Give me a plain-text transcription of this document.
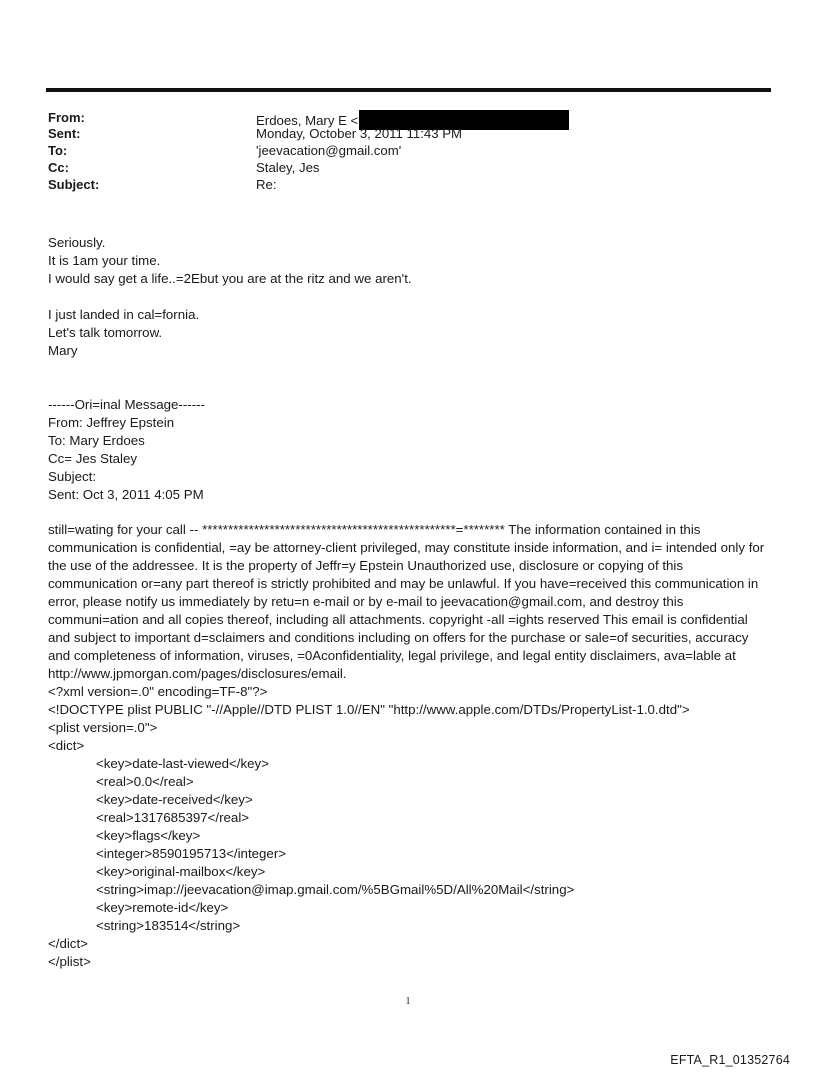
From:
Sent:
To:
Cc:
Subject:
Erdoes, Mary E <
Monday, October 3, 2011 11:43 PM
'jeevacation@gmail.com'
Staley, Jes
Re:

Seriously.

It is 1am your time.

I would say get a life..=2Ebut you are at the ritz and we aren't.

I just landed in cal=fornia.

Let's talk tomorrow.

Mary

------Ori=inal Message------

From: Jeffrey Epstein

To: Mary Erdoes

Cc= Jes Staley

Subject:

Sent: Oct 3, 2011 4:05 PM

still=wating for your call -- *************************************************=******** The information contained in this communication is confidential, =ay be attorney-client privileged, may constitute inside information, and i= intended only for the use of the addressee. It is the property of Jeffr=y Epstein Unauthorized use, disclosure or copying of this communication or=any part thereof is strictly prohibited and may be unlawful. If you have=received this communication in error, please notify us immediately by retu=n e-mail or by e-mail to jeevacation@gmail.com, and destroy this communi=ation and all copies thereof, including all attachments. copyright -all =ights reserved This email is confidential and subject to important d=sclaimers and conditions including on offers for the purchase or sale=of securities, accuracy and completeness of information, viruses, =0Aconfidentiality, legal privilege, and legal entity disclaimers, ava=lable at http://www.jpmorgan.com/pages/disclosures/email.

<?xml version=.0" encoding=TF-8"?>

<!DOCTYPE plist PUBLIC "-//Apple//DTD PLIST 1.0//EN" "http://www.apple.com/DTDs/PropertyList-1.0.dtd">

<plist version=.0">

<dict>

<key>date-last-viewed</key>

<real>0.0</real>

<key>date-received</key>

<real>1317685397</real>

<key>flags</key>

<integer>8590195713</integer>

<key>original-mailbox</key>

<string>imap://jeevacation@imap.gmail.com/%5BGmail%5D/All%20Mail</string>

<key>remote-id</key>

<string>183514</string>

</dict>

</plist>

1
EFTA_R1_01352764
